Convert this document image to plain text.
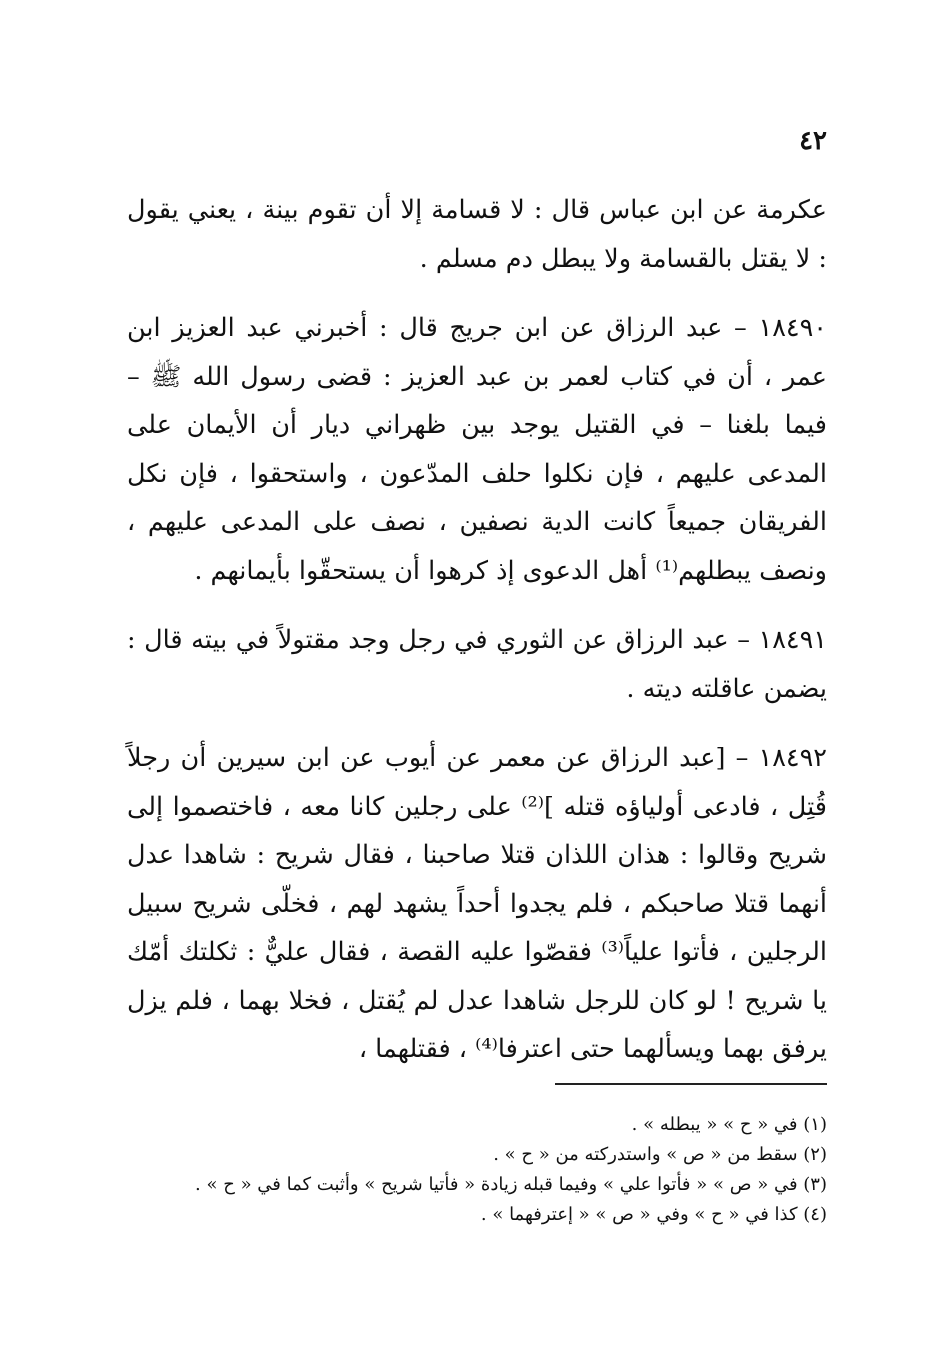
٤٢

عكرمة عن ابن عباس قال : لا قسامة إلا أن تقوم بينة ، يعني يقول : لا يقتل بالقسامة ولا يبطل دم مسلم .

١٨٤٩٠ – عبد الرزاق عن ابن جريج قال : أخبرني عبد العزيز ابن عمر ، أن في كتاب لعمر بن عبد العزيز : قضى رسول الله ﷺ – فيما بلغنا – في القتيل يوجد بين ظهراني ديار أن الأيمان على المدعى عليهم ، فإن نكلوا حلف المدّعون ، واستحقوا ، فإن نكل الفريقان جميعاً كانت الدية نصفين ، نصف على المدعى عليهم ، ونصف يبطلهم⁽¹⁾ أهل الدعوى إذ كرهوا أن يستحقّوا بأيمانهم .

١٨٤٩١ – عبد الرزاق عن الثوري في رجل وجد مقتولاً في بيته قال : يضمن عاقلته ديته .

١٨٤٩٢ – [عبد الرزاق عن معمر عن أيوب عن ابن سيرين أن رجلاً قُتِل ، فادعى أولياؤه قتله ]⁽²⁾ على رجلين كانا معه ، فاختصموا إلى شريح وقالوا : هذان اللذان قتلا صاحبنا ، فقال شريح : شاهدا عدل أنهما قتلا صاحبكم ، فلم يجدوا أحداً يشهد لهم ، فخلّى شريح سبيل الرجلين ، فأتوا علياً⁽³⁾ فقصّوا عليه القصة ، فقال عليٌّ : ثكلتك أمّك يا شريح ! لو كان للرجل شاهدا عدل لم يُقتل ، فخلا بهما ، فلم يزل يرفق بهما ويسألهما حتى اعترفا⁽⁴⁾ ، فقتلهما ،

(١) في « ح » « يبطله » .

(٢) سقط من « ص » واستدركته من « ح » .

(٣) في « ص » « فأتوا علي » وفيما قبله زيادة « فأتيا شريح » وأثبت كما في « ح » .

(٤) كذا في « ح » وفي « ص » « إعترفهما » .
